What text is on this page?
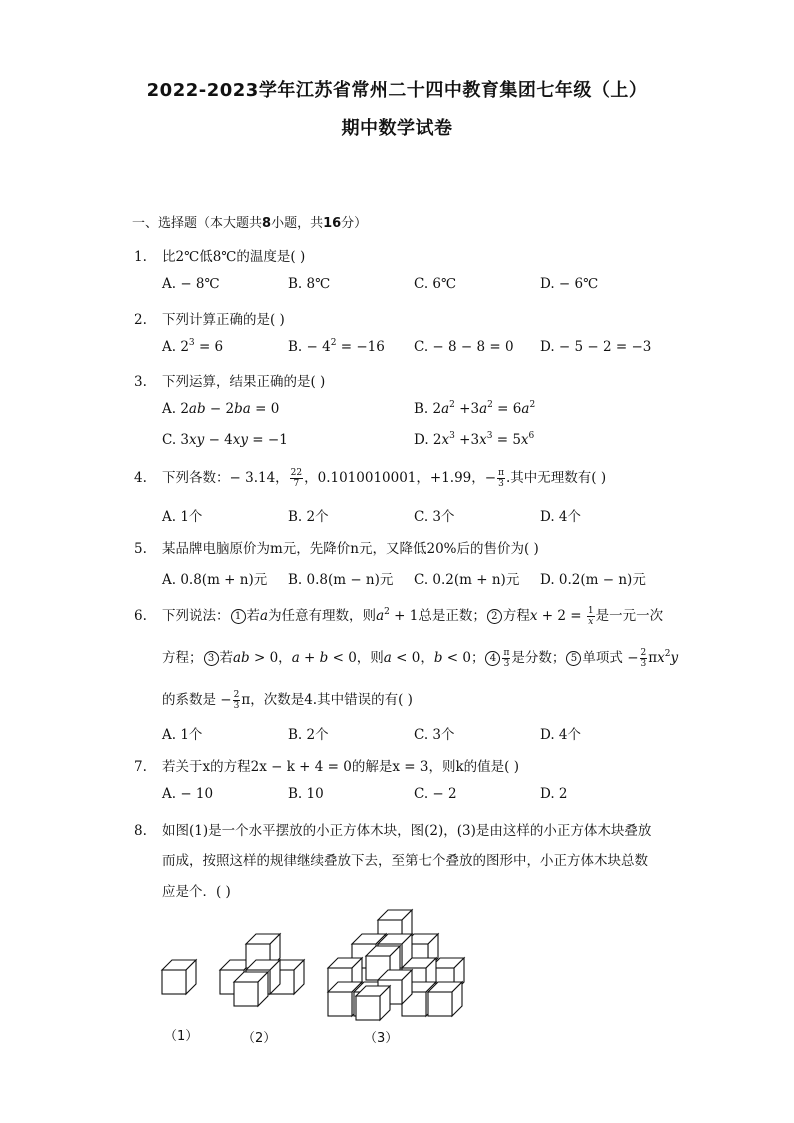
2022-2023学年江苏省常州二十四中教育集团七年级（上）
期中数学试卷
一、选择题（本大题共8小题，共16分）
1. 比2℃低8℃的温度是( )
A. − 8℃	B. 8℃	C. 6℃	D. − 6℃
2. 下列计算正确的是( )
A. $2^3 = 6$	B. − $4^2 = -16$ C. − 8 − 8 = 0 D. − 5 − 2 = −3
3. 下列运算，结果正确的是( )
A. 2ab − 2ba = 0	B. $2a^2 +3a^2 = 6a^2$
C. 3xy − 4xy = −1	D. $2x^3 +3x^3 = 5x^6$
4. 下列各数：− 3.14， $\frac{22}{7}$ ，0.1010010001，+1.99，− $\frac{\pi}{3}$ .其中无理数有( )
A. 1个	B. 2个	C. 3个	D. 4个
5. 某品牌电脑原价为m元，先降价n元，又降低20%后的售价为( )
A. 0.8(m + n)元 B. 0.8(m − n)元 C. 0.2(m + n)元 D. 0.2(m − n)元
6. 下列说法： 1 若a为任意有理数，则$a^2 + 1$总是正数； 2 方程$x + 2 = \frac{1}{x}$ 是一元一次
方程； 3 若ab > 0，a + b < 0，则a < 0，b < 0； $4 \frac{\pi}{3}$ 是分数； 5 单项式 − $\frac{2}{3} \pi x^2y$
的系数是 − $\frac{2}{3}$ π，次数是4.其中错误的有( )
A. 1个	B. 2个	C. 3个	D. 4个
7. 若关于x的方程2x − k + 4 = 0的解是x = 3，则k的值是( )
A. − 10	B. 10	C. − 2	D. 2
8. 如图(1)是一个水平摆放的小正方体木块，图(2)，(3)是由这样的小正方体木块叠放
而成，按照这样的规律继续叠放下去，至第七个叠放的图形中，小正方体木块总数
应是个．( )
（1）	（2）	（3）
